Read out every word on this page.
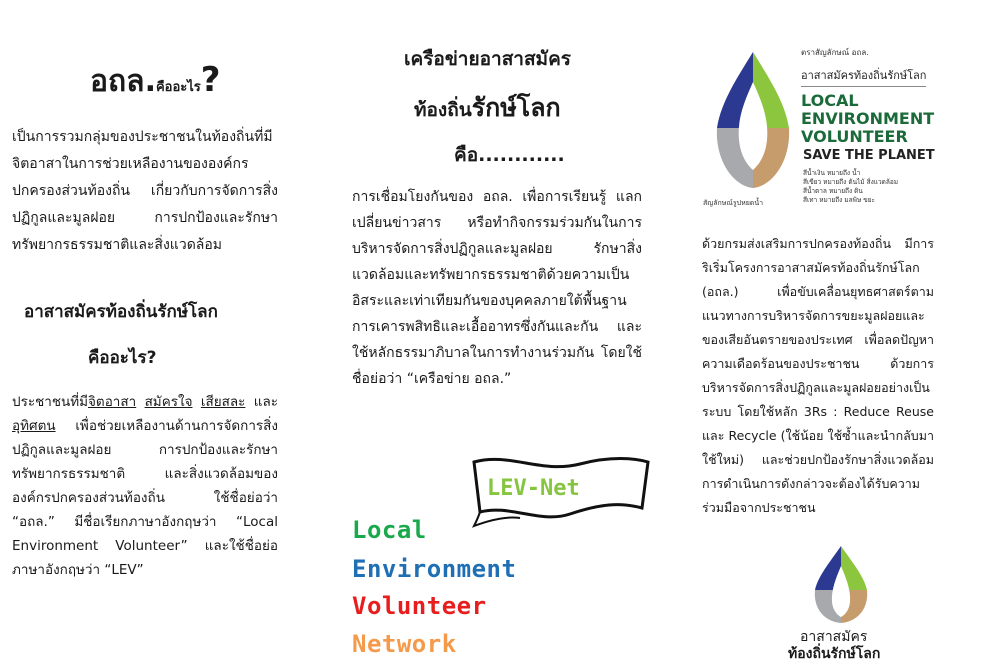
อถล.คืออะไร?
เป็นการรวมกลุ่มของประชาชนในท้องถิ่นที่มีจิตอาสาในการช่วยเหลืองานขององค์กรปกครองส่วนท้องถิ่น เกี่ยวกับการจัดการสิ่งปฏิกูลและมูลฝอย การปกป้องและรักษาทรัพยากรธรรมชาติและสิ่งแวดล้อม
อาสาสมัครท้องถิ่นรักษ์โลก
คืออะไร?
ประชาชนที่มีจิตอาสา สมัครใจ เสียสละ และอุทิศตน เพื่อช่วยเหลืองานด้านการจัดการสิ่งปฏิกูลและมูลฝอย การปกป้องและรักษาทรัพยากรธรรมชาติ และสิ่งแวดล้อมขององค์กรปกครองส่วนท้องถิ่น ใช้ชื่อย่อว่า “อถล.” มีชื่อเรียกภาษาอังกฤษว่า “Local Environment Volunteer” และใช้ชื่อย่อภาษาอังกฤษว่า “LEV”
เครือข่ายอาสาสมัคร
ท้องถิ่นรักษ์โลก
คือ............
การเชื่อมโยงกันของ อถล. เพื่อการเรียนรู้ แลกเปลี่ยนข่าวสาร หรือทำกิจกรรมร่วมกันในการบริหารจัดการสิ่งปฏิกูลและมูลฝอย รักษาสิ่งแวดล้อมและทรัพยากรธรรมชาติด้วยความเป็นอิสระและเท่าเทียมกันของบุคคลภายใต้พื้นฐานการเคารพสิทธิและเอื้ออาทรซึ่งกันและกัน และใช้หลักธรรมาภิบาลในการทำงานร่วมกัน โดยใช้ชื่อย่อว่า “เครือข่าย อถล.”
LEV-Net
Local
Environment
Volunteer
Network
สัญลักษณ์รูปหยดน้ำ
ตราสัญลักษณ์ อถล.
อาสาสมัครท้องถิ่นรักษ์โลก
LOCAL
ENVIRONMENT
VOLUNTEER
SAVE THE PLANET
สีน้ำเงิน หมายถึง น้ำ
สีเขียว หมายถึง ต้นไม้ สิ่งแวดล้อม
สีน้ำตาล หมายถึง ดิน
สีเทา หมายถึง มลพิษ ขยะ
ด้วยกรมส่งเสริมการปกครองท้องถิ่น มีการริเริ่มโครงการอาสาสมัครท้องถิ่นรักษ์โลก (อถล.) เพื่อขับเคลื่อนยุทธศาสตร์ตามแนวทางการบริหารจัดการขยะมูลฝอยและของเสียอันตรายของประเทศ เพื่อลดปัญหาความเดือดร้อนของประชาชน ด้วยการบริหารจัดการสิ่งปฏิกูลและมูลฝอยอย่างเป็นระบบ โดยใช้หลัก 3Rs : Reduce Reuse และ Recycle (ใช้น้อย ใช้ซ้ำและนำกลับมาใช้ใหม่) และช่วยปกป้องรักษาสิ่งแวดล้อม การดำเนินการดังกล่าวจะต้องได้รับความร่วมมือจากประชาชน
อาสาสมัคร
ท้องถิ่นรักษ์โลก
